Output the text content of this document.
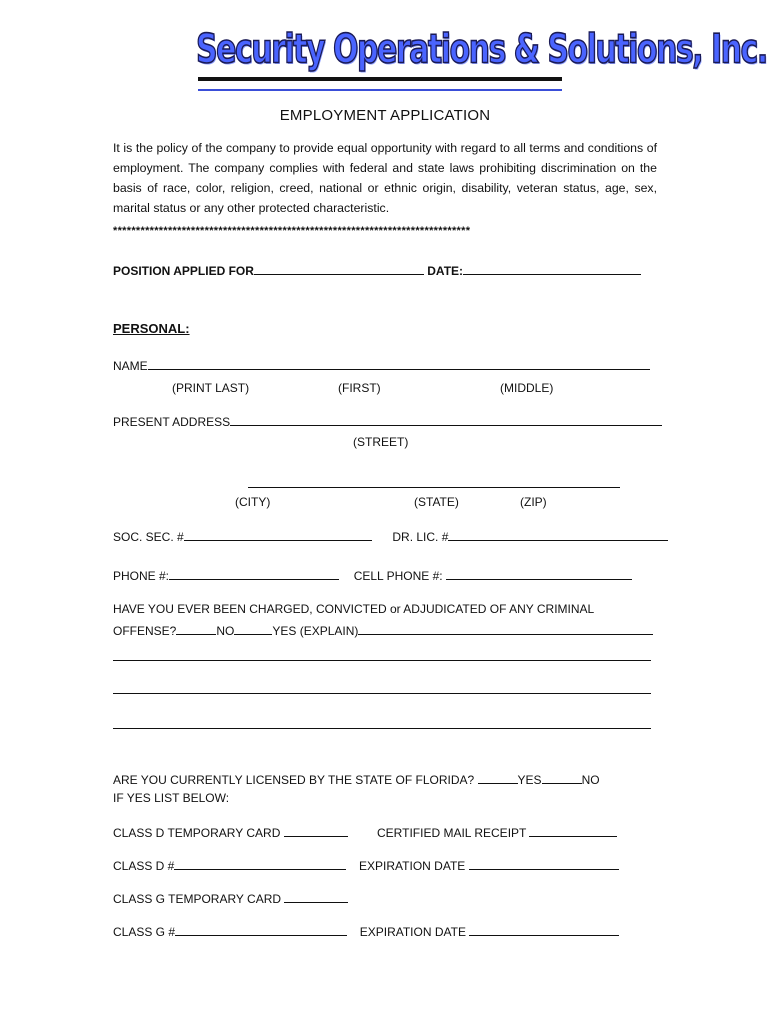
Security Operations & Solutions, Inc.
EMPLOYMENT APPLICATION

It is the policy of the company to provide equal opportunity with regard to all terms and conditions of employment. The company complies with federal and state laws prohibiting discrimination on the basis of race, color, religion, creed, national or ethnic origin, disability, veteran status, age, sex, marital status or any other protected characteristic.

******************************************************************************
POSITION APPLIED FOR	DATE:
PERSONAL:
NAME
(PRINT LAST)	(FIRST)	(MIDDLE)
PRESENT ADDRESS
(STREET)
(CITY)	(STATE)	(ZIP)
SOC. SEC. #	DR. LIC. #
PHONE #:	CELL PHONE #:
HAVE YOU EVER BEEN CHARGED, CONVICTED or ADJUDICATED OF ANY CRIMINAL
OFFENSE?	NO	YES (EXPLAIN)
ARE YOU CURRENTLY LICENSED BY THE STATE OF FLORIDA?	YES	NO
IF YES LIST BELOW:
CLASS D TEMPORARY CARD	CERTIFIED MAIL RECEIPT
CLASS D #	EXPIRATION DATE
CLASS G TEMPORARY CARD
CLASS G #	EXPIRATION DATE
